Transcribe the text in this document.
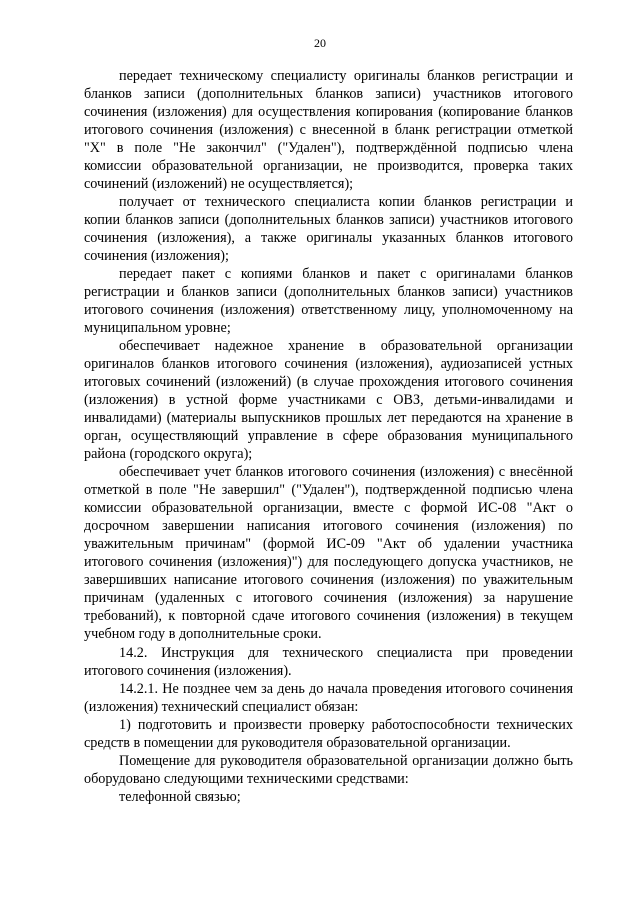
20

передает техническому специалисту оригиналы бланков регистрации и бланков записи (дополнительных бланков записи) участников итогового сочинения (изложения) для осуществления копирования (копирование бланков итогового сочинения (изложения) с внесенной в бланк регистрации отметкой "X" в поле "Не закончил" ("Удален"), подтверждённой подписью члена комиссии образовательной организации, не производится, проверка таких сочинений (изложений) не осуществляется);

получает от технического специалиста копии бланков регистрации и копии бланков записи (дополнительных бланков записи) участников итогового сочинения (изложения), а также оригиналы указанных бланков итогового сочинения (изложения);

передает пакет с копиями бланков и пакет с оригиналами бланков регистрации и бланков записи (дополнительных бланков записи) участников итогового сочинения (изложения) ответственному лицу, уполномоченному на муниципальном уровне;

обеспечивает надежное хранение в образовательной организации оригиналов бланков итогового сочинения (изложения), аудиозаписей устных итоговых сочинений (изложений) (в случае прохождения итогового сочинения (изложения) в устной форме участниками с ОВЗ, детьми-инвалидами и инвалидами) (материалы выпускников прошлых лет передаются на хранение в орган, осуществляющий управление в сфере образования муниципального района (городского округа);

обеспечивает учет бланков итогового сочинения (изложения) с внесённой отметкой в поле "Не завершил" ("Удален"), подтвержденной подписью члена комиссии образовательной организации, вместе с формой ИС-08 "Акт о досрочном завершении написания итогового сочинения (изложения) по уважительным причинам" (формой ИС-09 "Акт об удалении участника итогового сочинения (изложения)") для последующего допуска участников, не завершивших написание итогового сочинения (изложения) по уважительным причинам (удаленных с итогового сочинения (изложения) за нарушение требований), к повторной сдаче итогового сочинения (изложения) в текущем учебном году в дополнительные сроки.

14.2. Инструкция для технического специалиста при проведении итогового сочинения (изложения).

14.2.1. Не позднее чем за день до начала проведения итогового сочинения (изложения) технический специалист обязан:

1) подготовить и произвести проверку работоспособности технических средств в помещении для руководителя образовательной организации.

Помещение для руководителя образовательной организации должно быть оборудовано следующими техническими средствами:

телефонной связью;
